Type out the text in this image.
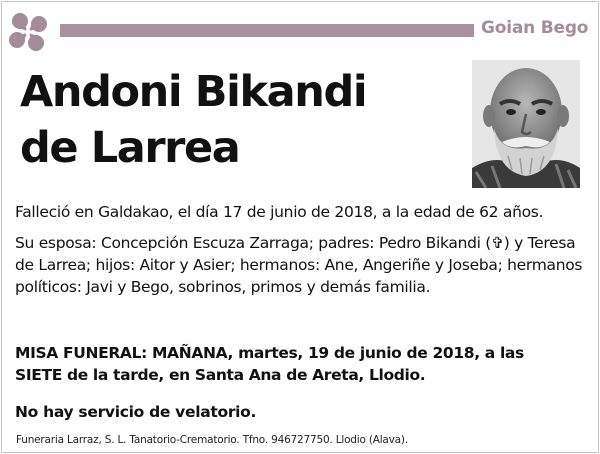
Goian Bego
Andoni Bikandi
de Larrea
Falleció en Galdakao, el día 17 de junio de 2018, a la edad de 62 años.
Su esposa: Concepción Escuza Zarraga; padres: Pedro Bikandi (✞) y Teresa de Larrea; hijos: Aitor y Asier; hermanos: Ane, Angeriñe y Joseba; hermanos políticos: Javi y Bego, sobrinos, primos y demás familia.
MISA FUNERAL: MAÑANA, martes, 19 de junio de 2018, a las SIETE de la tarde, en Santa Ana de Areta, Llodio.
No hay servicio de velatorio.
Funeraria Larraz, S. L. Tanatorio-Crematorio. Tfno. 946727750. Llodio (Alava).
